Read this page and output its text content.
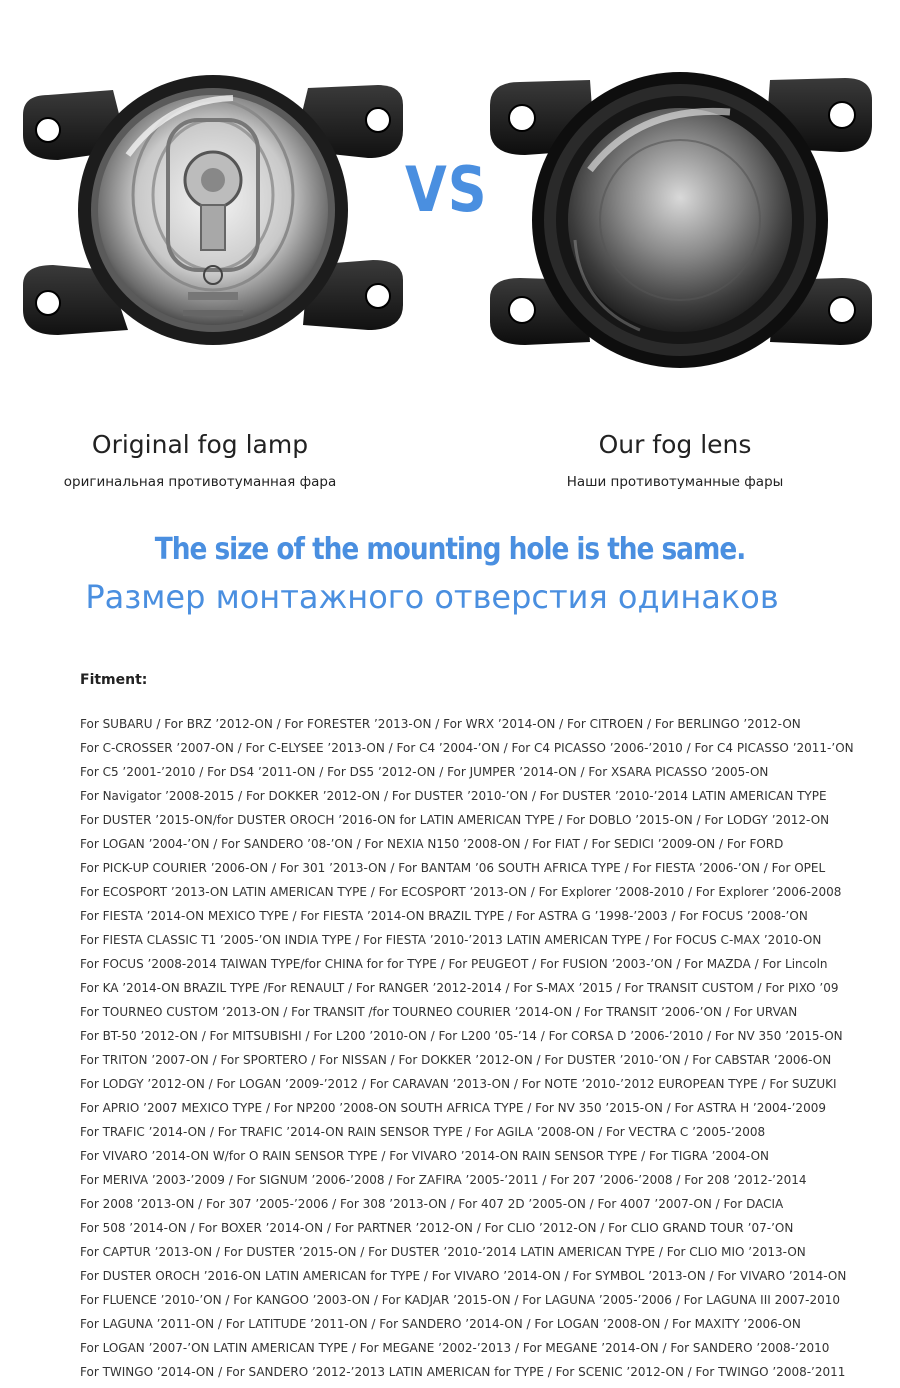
Original fog lamp
оригинальная противотуманная фара
VS
Our fog lens
Наши противотуманные фары
The size of the mounting hole is the same.
Размер монтажного отверстия одинаков
Fitment:
For SUBARU / For BRZ ’2012-ON / For FORESTER ’2013-ON / For WRX ’2014-ON / For CITROEN / For BERLINGO ’2012-ON
For C-CROSSER ’2007-ON / For C-ELYSEE ’2013-ON / For C4 ’2004-’ON / For C4 PICASSO ’2006-’2010 / For C4 PICASSO ’2011-’ON
For C5 ’2001-’2010 / For DS4 ’2011-ON / For DS5 ’2012-ON / For JUMPER ’2014-ON / For XSARA PICASSO ’2005-ON
For Navigator ’2008-2015 / For DOKKER ’2012-ON / For DUSTER ’2010-’ON / For DUSTER ’2010-’2014 LATIN AMERICAN TYPE
For DUSTER ’2015-ON/for DUSTER OROCH ’2016-ON for LATIN AMERICAN TYPE / For DOBLO ’2015-ON / For LODGY ’2012-ON
For LOGAN ’2004-’ON / For SANDERO ’08-’ON / For NEXIA N150 ’2008-ON / For FIAT / For SEDICI ’2009-ON / For FORD
For PICK-UP COURIER ’2006-ON / For 301 ’2013-ON / For BANTAM ’06 SOUTH AFRICA TYPE / For FIESTA ’2006-’ON / For OPEL
For ECOSPORT ’2013-ON LATIN AMERICAN TYPE / For ECOSPORT ’2013-ON / For Explorer ’2008-2010 / For Explorer ’2006-2008
For FIESTA ’2014-ON MEXICO TYPE / For FIESTA ’2014-ON BRAZIL TYPE / For ASTRA G ’1998-’2003 / For FOCUS ’2008-’ON
For FIESTA CLASSIC T1 ’2005-’ON INDIA TYPE / For FIESTA ’2010-’2013 LATIN AMERICAN TYPE / For FOCUS C-MAX ’2010-ON
For FOCUS ’2008-2014 TAIWAN TYPE/for CHINA for for TYPE / For PEUGEOT / For FUSION ’2003-’ON / For MAZDA / For Lincoln
For KA ’2014-ON BRAZIL TYPE /For RENAULT / For RANGER ’2012-2014 / For S-MAX ’2015 / For TRANSIT CUSTOM / For PIXO ’09
For TOURNEO CUSTOM ’2013-ON / For TRANSIT /for TOURNEO COURIER ’2014-ON / For TRANSIT ’2006-’ON / For URVAN
For BT-50 ’2012-ON / For MITSUBISHI / For L200 ’2010-ON / For L200 ’05-’14 / For CORSA D ’2006-’2010 / For NV 350 ’2015-ON
For TRITON ’2007-ON / For SPORTERO / For NISSAN / For DOKKER ’2012-ON / For DUSTER ’2010-’ON / For CABSTAR ’2006-ON
For LODGY ’2012-ON / For LOGAN ’2009-’2012 / For CARAVAN ’2013-ON / For NOTE ’2010-’2012 EUROPEAN TYPE / For SUZUKI
For APRIO ’2007 MEXICO TYPE / For NP200 ’2008-ON SOUTH AFRICA TYPE / For NV 350 ’2015-ON / For ASTRA H ’2004-’2009
For TRAFIC ’2014-ON / For TRAFIC ’2014-ON RAIN SENSOR TYPE / For AGILA ’2008-ON / For VECTRA C ’2005-’2008
For VIVARO ’2014-ON W/for O RAIN SENSOR TYPE / For VIVARO ’2014-ON RAIN SENSOR TYPE / For TIGRA ’2004-ON
For MERIVA ’2003-’2009 / For SIGNUM ’2006-’2008 / For ZAFIRA ’2005-’2011 / For 207 ’2006-’2008 / For 208 ’2012-’2014
For 2008 ’2013-ON / For 307 ’2005-’2006 / For 308 ’2013-ON / For 407 2D ’2005-ON / For 4007 ’2007-ON / For DACIA
For 508 ’2014-ON / For BOXER ’2014-ON / For PARTNER ’2012-ON / For CLIO ’2012-ON / For CLIO GRAND TOUR ’07-’ON
For CAPTUR ’2013-ON / For DUSTER ’2015-ON / For DUSTER ’2010-’2014 LATIN AMERICAN TYPE / For CLIO MIO ’2013-ON
For DUSTER OROCH ’2016-ON LATIN AMERICAN for TYPE / For VIVARO ’2014-ON / For SYMBOL ’2013-ON / For VIVARO ’2014-ON
For FLUENCE ’2010-’ON / For KANGOO ’2003-ON / For KADJAR ’2015-ON / For LAGUNA ’2005-’2006 / For LAGUNA III 2007-2010
For LAGUNA ’2011-ON / For LATITUDE ’2011-ON / For SANDERO ’2014-ON / For LOGAN ’2008-ON / For MAXITY ’2006-ON
For LOGAN ’2007-’ON LATIN AMERICAN TYPE / For MEGANE ’2002-’2013 / For MEGANE ’2014-ON / For SANDERO ’2008-’2010
For TWINGO ’2014-ON / For SANDERO ’2012-’2013 LATIN AMERICAN for TYPE / For SCENIC ’2012-ON / For TWINGO ’2008-’2011
